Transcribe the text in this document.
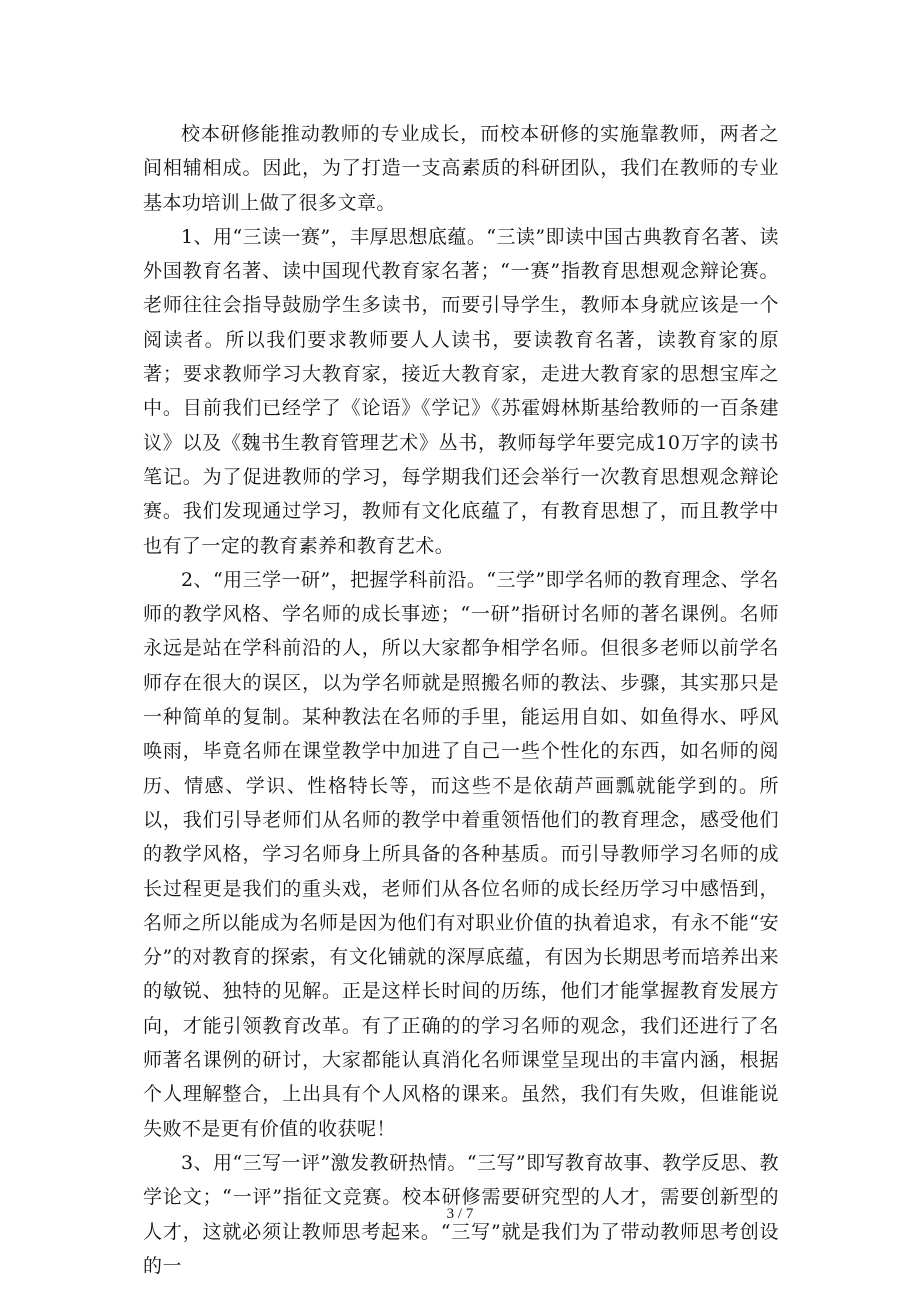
校本研修能推动教师的专业成长，而校本研修的实施靠教师，两者之间相辅相成。因此，为了打造一支高素质的科研团队，我们在教师的专业基本功培训上做了很多文章。

1、用“三读一赛”，丰厚思想底蕴。“三读”即读中国古典教育名著、读外国教育名著、读中国现代教育家名著；“一赛”指教育思想观念辩论赛。老师往往会指导鼓励学生多读书，而要引导学生，教师本身就应该是一个阅读者。所以我们要求教师要人人读书，要读教育名著，读教育家的原著；要求教师学习大教育家，接近大教育家，走进大教育家的思想宝库之中。目前我们已经学了《论语》《学记》《苏霍姆林斯基给教师的一百条建议》以及《魏书生教育管理艺术》丛书，教师每学年要完成10万字的读书笔记。为了促进教师的学习，每学期我们还会举行一次教育思想观念辩论赛。我们发现通过学习，教师有文化底蕴了，有教育思想了，而且教学中也有了一定的教育素养和教育艺术。

2、“用三学一研”，把握学科前沿。“三学”即学名师的教育理念、学名师的教学风格、学名师的成长事迹；“一研”指研讨名师的著名课例。名师永远是站在学科前沿的人，所以大家都争相学名师。但很多老师以前学名师存在很大的误区，以为学名师就是照搬名师的教法、步骤，其实那只是一种简单的复制。某种教法在名师的手里，能运用自如、如鱼得水、呼风唤雨，毕竟名师在课堂教学中加进了自己一些个性化的东西，如名师的阅历、情感、学识、性格特长等，而这些不是依葫芦画瓢就能学到的。所以，我们引导老师们从名师的教学中着重领悟他们的教育理念，感受他们的教学风格，学习名师身上所具备的各种基质。而引导教师学习名师的成长过程更是我们的重头戏，老师们从各位名师的成长经历学习中感悟到，名师之所以能成为名师是因为他们有对职业价值的执着追求，有永不能“安分”的对教育的探索，有文化铺就的深厚底蕴，有因为长期思考而培养出来的敏锐、独特的见解。正是这样长时间的历练，他们才能掌握教育发展方向，才能引领教育改革。有了正确的的学习名师的观念，我们还进行了名师著名课例的研讨，大家都能认真消化名师课堂呈现出的丰富内涵，根据个人理解整合，上出具有个人风格的课来。虽然，我们有失败，但谁能说失败不是更有价值的收获呢！

3、用“三写一评”激发教研热情。“三写”即写教育故事、教学反思、教学论文；“一评”指征文竞赛。校本研修需要研究型的人才，需要创新型的人才，这就必须让教师思考起来。“三写”就是我们为了带动教师思考创设的一

3 / 7
